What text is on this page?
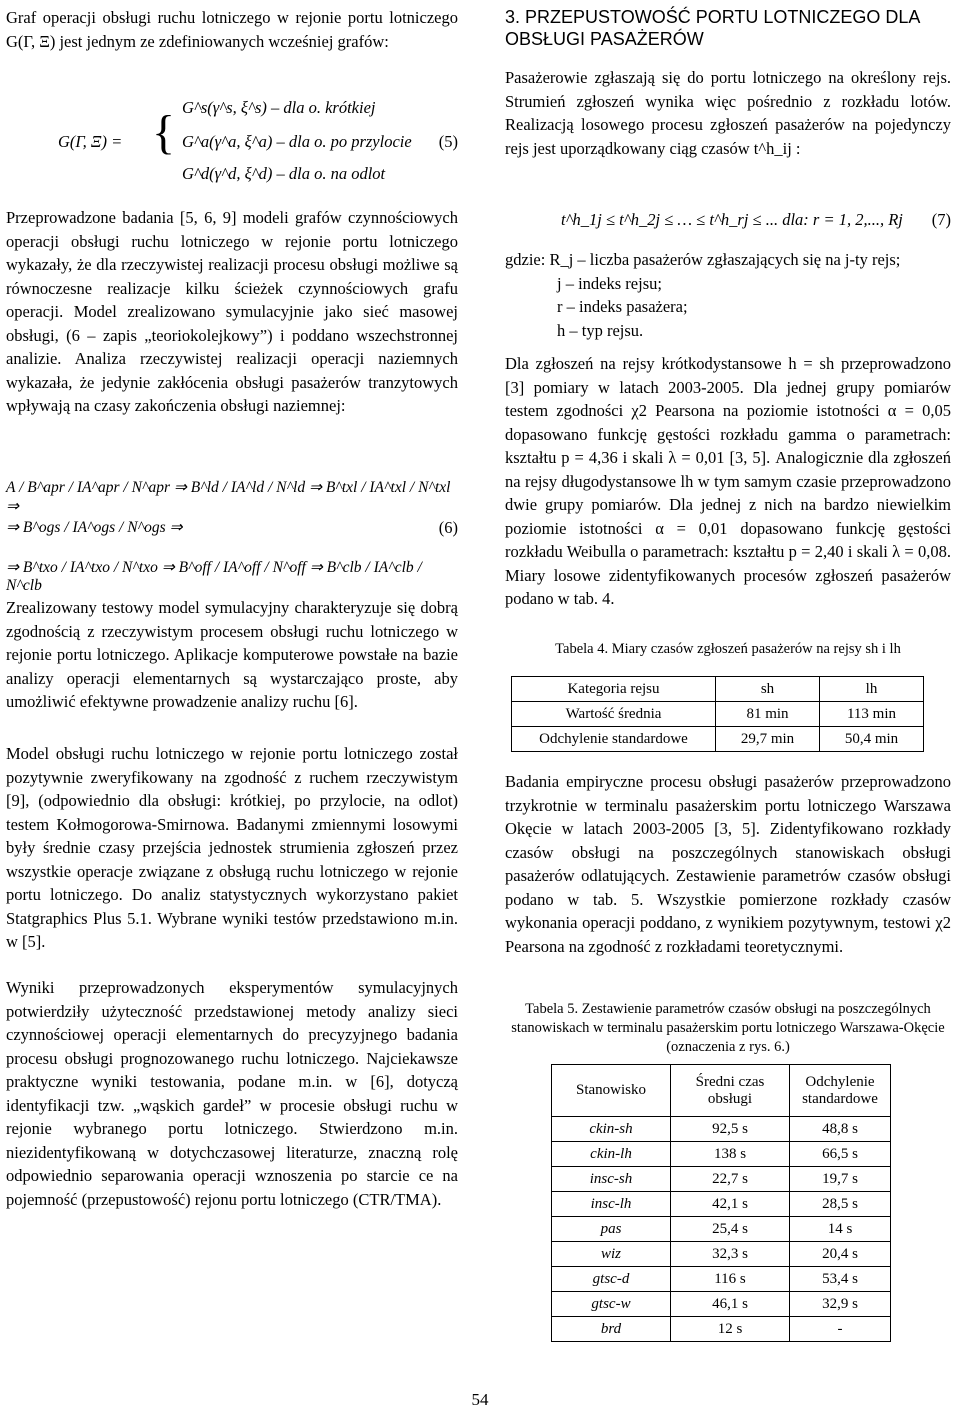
Graf operacji obsługi ruchu lotniczego w rejonie portu lotniczego G(Γ, Ξ) jest jednym ze zdefiniowanych wcześniej grafów:

G(Γ, Ξ) = { G^s(γ^s, ξ^s) – dla o. krótkiej
G^a(γ^a, ξ^a) – dla o. po przylocie
G^d(γ^d, ξ^d) – dla o. na odlot
(5)

Przeprowadzone badania [5, 6, 9] modeli grafów czynnościowych operacji obsługi ruchu lotniczego w rejonie portu lotniczego wykazały, że dla rzeczywistej realizacji procesu obsługi możliwe są równoczesne realizacje kilku ścieżek czynnościowych grafu operacji. Model zrealizowano symulacyjnie jako sieć masowej obsługi, (6 – zapis „teoriokolejkowy”) i poddano wszechstronnej analizie. Analiza rzeczywistej realizacji operacji naziemnych wykazała, że jedynie zakłócenia obsługi pasażerów tranzytowych wpływają na czasy zakończenia obsługi naziemnej:

A / B^apr / IA^apr / N^apr ⇒ B^ld / IA^ld / N^ld ⇒ B^txl / IA^txl / N^txl ⇒
⇒ B^ogs / IA^ogs / N^ogs ⇒	(6)
⇒ B^txo / IA^txo / N^txo ⇒ B^off / IA^off / N^off ⇒ B^clb / IA^clb / N^clb

Zrealizowany testowy model symulacyjny charakteryzuje się dobrą zgodnością z rzeczywistym procesem obsługi ruchu lotniczego w rejonie portu lotniczego. Aplikacje komputerowe powstałe na bazie analizy operacji elementarnych są wystarczająco proste, aby umożliwić efektywne prowadzenie analizy ruchu [6].

Model obsługi ruchu lotniczego w rejonie portu lotniczego został pozytywnie zweryfikowany na zgodność z ruchem rzeczywistym [9], (odpowiednio dla obsługi: krótkiej, po przylocie, na odlot) testem Kołmogorowa-Smirnowa. Badanymi zmiennymi losowymi były średnie czasy przejścia jednostek strumienia zgłoszeń przez wszystkie operacje związane z obsługą ruchu lotniczego w rejonie portu lotniczego. Do analiz statystycznych wykorzystano pakiet Statgraphics Plus 5.1. Wybrane wyniki testów przedstawiono m.in. w [5].

Wyniki przeprowadzonych eksperymentów symulacyjnych potwierdziły użyteczność przedstawionej metody analizy sieci czynnościowej operacji elementarnych do precyzyjnego badania procesu obsługi prognozowanego ruchu lotniczego. Najciekawsze praktyczne wyniki testowania, podane m.in. w [6], dotyczą identyfikacji tzw. „wąskich gardeł” w procesie obsługi ruchu w rejonie wybranego portu lotniczego. Stwierdzono m.in. niezidentyfikowaną w dotychczasowej literaturze, znaczną rolę odpowiednio separowania operacji wznoszenia po starcie ce na pojemność (przepustowość) rejonu portu lotniczego (CTR/TMA).

3. PRZEPUSTOWOŚĆ PORTU LOTNICZEGO DLA OBSŁUGI PASAŻERÓW

Pasażerowie zgłaszają się do portu lotniczego na określony rejs. Strumień zgłoszeń wynika więc pośrednio z rozkładu lotów. Realizacją losowego procesu zgłoszeń pasażerów na pojedynczy rejs jest uporządkowany ciąg czasów t^h_ij :

t^h_1j ≤ t^h_2j ≤ … ≤ t^h_rj ≤ ... dla: r = 1, 2,..., Rj (7)

gdzie: R_j – liczba pasażerów zgłaszających się na j-ty rejs;

j – indeks rejsu;

r – indeks pasażera;

h – typ rejsu.

Dla zgłoszeń na rejsy krótkodystansowe h = sh przeprowadzono [3] pomiary w latach 2003-2005. Dla jednej grupy pomiarów testem zgodności χ2 Pearsona na poziomie istotności α = 0,05 dopasowano funkcję gęstości rozkładu gamma o parametrach: kształtu p = 4,36 i skali λ = 0,01 [3, 5]. Analogicznie dla zgłoszeń na rejsy długodystansowe lh w tym samym czasie przeprowadzono dwie grupy pomiarów. Dla jednej z nich na bardzo niewielkim poziomie istotności α = 0,01 dopasowano funkcję gęstości rozkładu Weibulla o parametrach: kształtu p = 2,40 i skali λ = 0,08. Miary losowe zidentyfikowanych procesów zgłoszeń pasażerów podano w tab. 4.

Tabela 4. Miary czasów zgłoszeń pasażerów na rejsy sh i lh
Kategoria rejsu	sh	lh
Wartość średnia	81 min	113 min
Odchylenie standardowe	29,7 min	50,4 min

Badania empiryczne procesu obsługi pasażerów przeprowadzono trzykrotnie w terminalu pasażerskim portu lotniczego Warszawa Okęcie w latach 2003-2005 [3, 5]. Zidentyfikowano rozkłady czasów obsługi na poszczególnych stanowiskach obsługi pasażerów odlatujących. Zestawienie parametrów czasów obsługi podano w tab. 5. Wszystkie pomierzone rozkłady czasów wykonania operacji poddano, z wynikiem pozytywnym, testowi χ2 Pearsona na zgodność z rozkładami teoretycznymi.

Tabela 5. Zestawienie parametrów czasów obsługi na poszczególnych stanowiskach w terminalu pasażerskim portu lotniczego Warszawa-Okęcie (oznaczenia z rys. 6.)
Stanowisko	Średni czas obsługi	Odchylenie standardowe
ckin-sh	92,5 s	48,8 s
ckin-lh	138 s	66,5 s
insc-sh	22,7 s	19,7 s
insc-lh	42,1 s	28,5 s
pas	25,4 s	14 s
wiz	32,3 s	20,4 s
gtsc-d	116 s	53,4 s
gtsc-w	46,1 s	32,9 s
brd	12 s	-
54
